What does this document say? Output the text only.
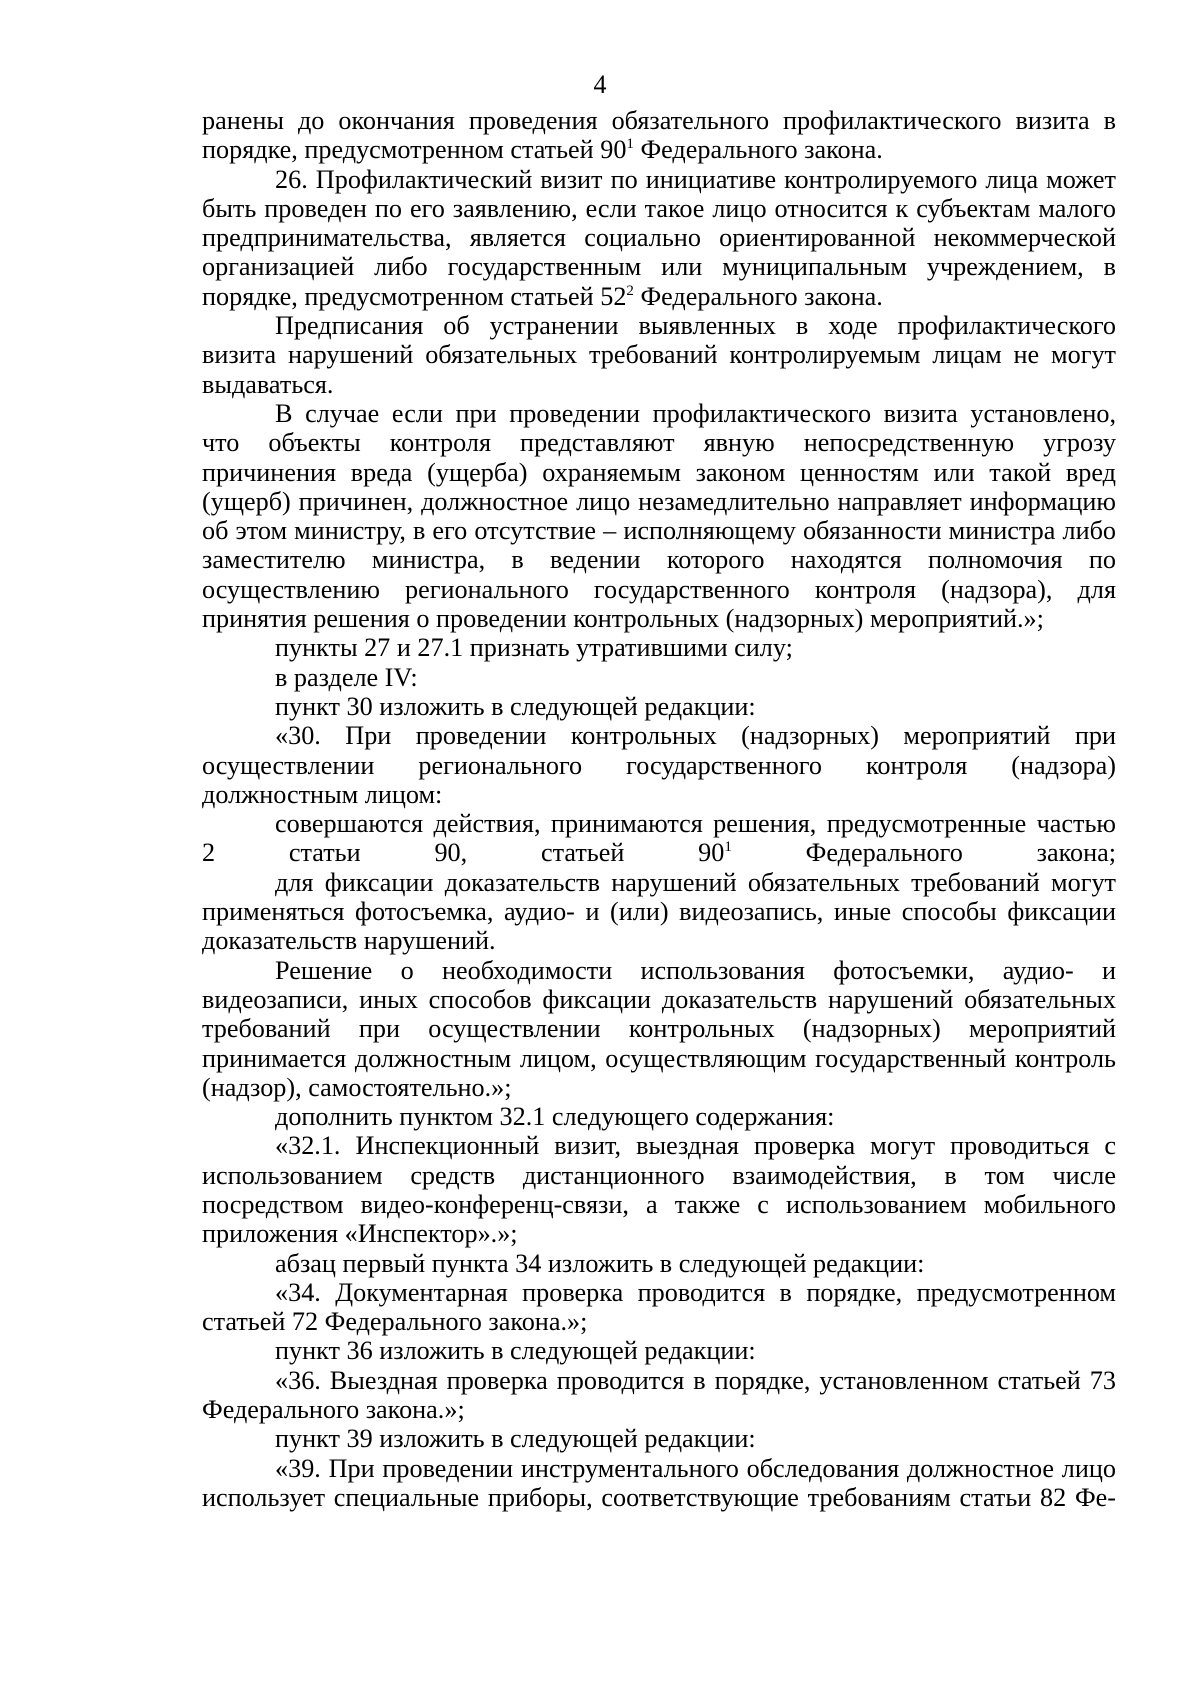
4

ранены до окончания проведения обязательного профилактического визита в порядке, предусмотренном статьей $90^1$ Федерального закона.

26. Профилактический визит по инициативе контролируемого лица может быть проведен по его заявлению, если такое лицо относится к субъектам малого предпринимательства, является социально ориентированной некоммерческой организацией либо государственным или муниципальным учреждением, в порядке, предусмотренном статьей $52^2$ Федерального закона.

Предписания об устранении выявленных в ходе профилактического визита нарушений обязательных требований контролируемым лицам не могут выдаваться.

В случае если при проведении профилактического визита установлено, что объекты контроля представляют явную непосредственную угрозу причинения вреда (ущерба) охраняемым законом ценностям или такой вред (ущерб) причинен, должностное лицо незамедлительно направляет информацию об этом министру, в его отсутствие – исполняющему обязанности министра либо заместителю министра, в ведении которого находятся полномочия по осуществлению регионального государственного контроля (надзора), для принятия решения о проведении контрольных (надзорных) мероприятий.»;

пункты 27 и 27.1 признать утратившими силу;

в разделе IV:

пункт 30 изложить в следующей редакции:

«30. При проведении контрольных (надзорных) мероприятий при осуществлении регионального государственного контроля (надзора) должностным лицом:

совершаются действия, принимаются решения, предусмотренные частью 2 статьи 90, статьей $90^1$ Федерального закона;

для фиксации доказательств нарушений обязательных требований могут применяться фотосъемка, аудио- и (или) видеозапись, иные способы фиксации доказательств нарушений.

Решение о необходимости использования фотосъемки, аудио- и видеозаписи, иных способов фиксации доказательств нарушений обязательных требований при осуществлении контрольных (надзорных) мероприятий принимается должностным лицом, осуществляющим государственный контроль (надзор), самостоятельно.»;

дополнить пунктом 32.1 следующего содержания:

«32.1. Инспекционный визит, выездная проверка могут проводиться с использованием средств дистанционного взаимодействия, в том числе посредством видео-конференц-связи, а также с использованием мобильного приложения «Инспектор».»;

абзац первый пункта 34 изложить в следующей редакции:

«34. Документарная проверка проводится в порядке, предусмотренном статьей 72 Федерального закона.»;

пункт 36 изложить в следующей редакции:

«36. Выездная проверка проводится в порядке, установленном статьей 73 Федерального закона.»;

пункт 39 изложить в следующей редакции:

«39. При проведении инструментального обследования должностное лицо использует специальные приборы, соответствующие требованиям статьи 82 Фе-
